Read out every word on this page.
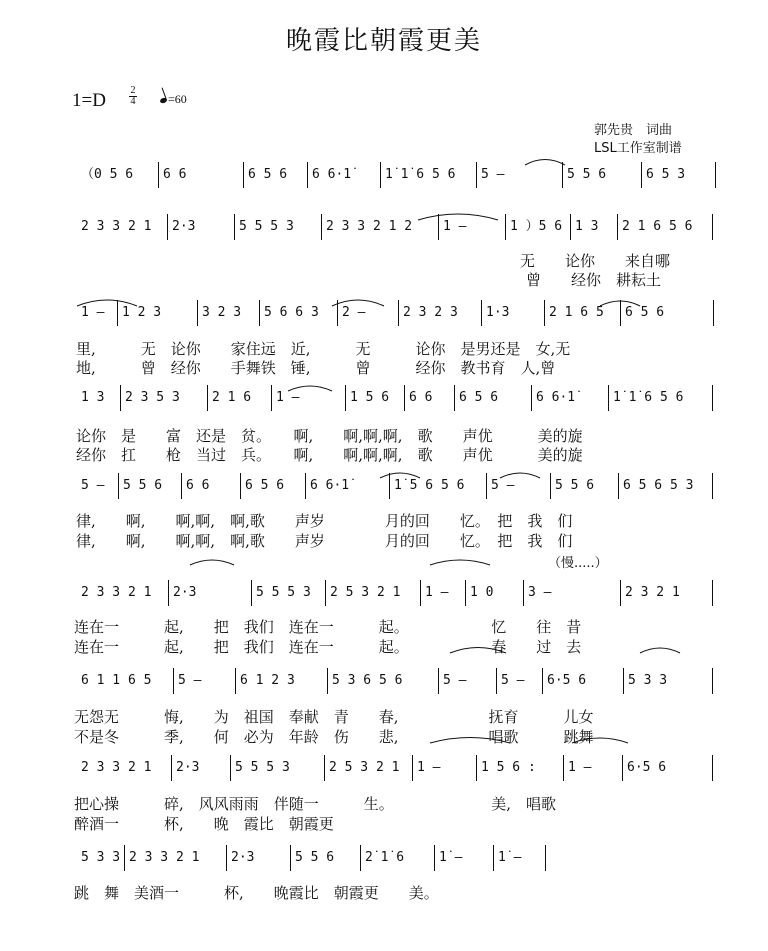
晚霞比朝霞更美
1=D 2
4	=60
郭先贵　词曲
LSL工作室制谱
（0 5 6	6 6	6 5 6	6 6·1̇	1̇ 1̇ 6 5 6	5 —	5 5 6	6 5 3
2 3 3 2 1	2·3	5 5 5 3	2 3 3 2 1 2	1 —	1 ）5 6 1 3	2 1 6 5 6
1 —	1 2 3	3 2 3	5 6 6 3	2 —	2 3 2 3	1·3	2 1 6 5	6 5 6
1 3	2 3 5 3	2 1 6	1 —	1 5 6	6 6	6 5 6	6 6·1̇	1̇ 1̇ 6 5 6
5 —	5 5 6	6 6	6 5 6	6 6·1̇	1̇ 5 6 5 6	5 —	5 5 6	6 5 6 5 3
2 3 3 2 1	2·3	5 5 5 3	2 5 3 2 1	1 —	1 0	3 —	2 3 2 1
6 1 1 6 5	5 —	6 1 2 3	5 3 6 5 6	5 —	5 —	6·5 6	5 3 3
2 3 3 2 1	2·3	5 5 5 3	2 5 3 2 1	1 —	1 5 6 :	1 —	6·5 6
5 3 3 2 3 3 2 1	2·3	5 5 6	2̇ 1̇ 6	1̇ —	1̇ —
无　　论你　　来自哪
曾　　经你　耕耘土
里,　　　无　论你　　家住远　近,　　　无　　　论你　是男还是　女,无
地,　　　曾　经你　　手舞铁　锤,　　　曾　　　经你　教书育　人,曾
论你　是　　富　还是　贫。　　啊,　　啊,啊,啊,　歌　　声优　　　美的旋
经你　扛　　枪　当过　兵。　　啊,　　啊,啊,啊,　歌　　声优　　　美的旋
律,　　啊,　　啊,啊,　啊,歌　　声岁　　　　月的回　　忆。　把　我　们
律,　　啊,　　啊,啊,　啊,歌　　声岁　　　　月的回　　忆。　把　我　们
（慢.....）
连在一　　　起,　　把　我们　连在一　　　起。　　　　　　忆　　往　昔
连在一　　　起,　　把　我们　连在一　　　起。　　　　　　春　　过　去
无怨无　　　悔,　　为　祖国　奉献　青　　春,　　　　　　抚育　　　儿女
不是冬　　　季,　　何　必为　年龄　伤　　悲,　　　　　　唱歌　　　跳舞
把心操　　　碎,　风风雨雨　伴随一　　　生。　　　　　　　美,　唱歌
醉酒一　　　杯,　　晚　霞比　朝霞更
跳　舞　美酒一　　　杯,　　晚霞比　朝霞更　　美。
